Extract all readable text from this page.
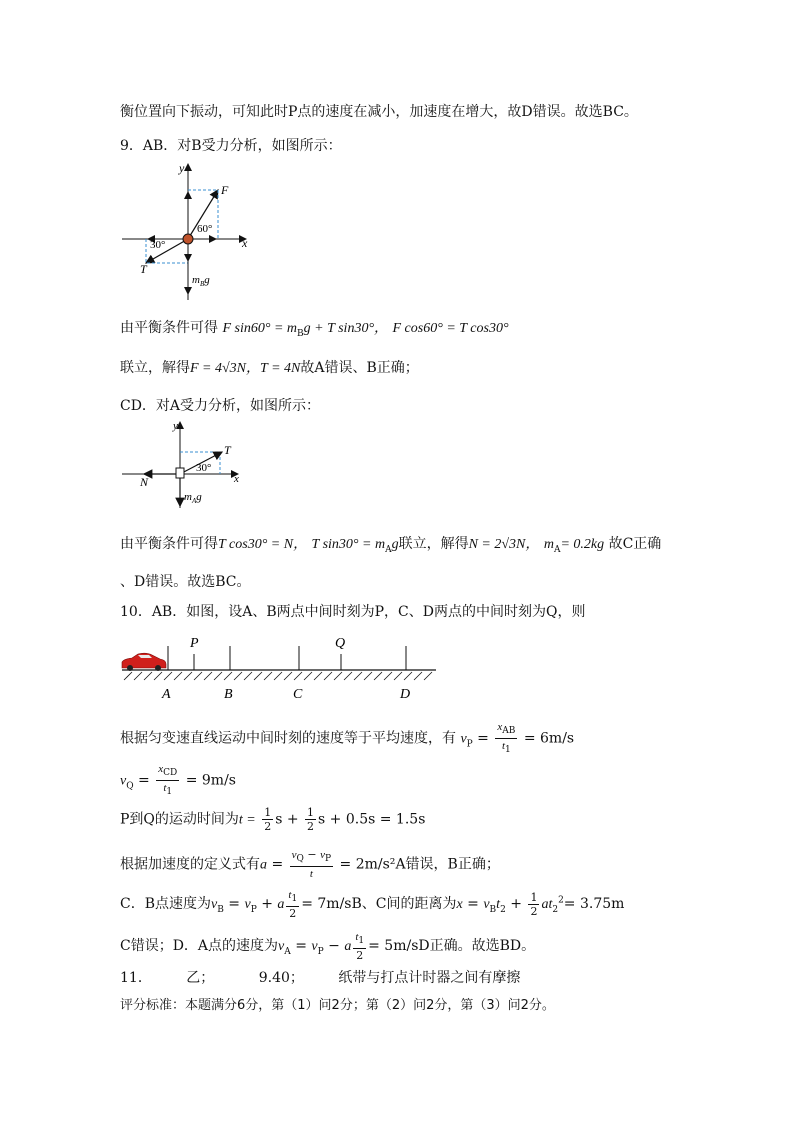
衡位置向下振动，可知此时P点的速度在减小，加速度在增大，故D错误。故选BC。
9．AB．对B受力分析，如图所示：
y
x
F
T
60°
30°
$m_Bg$
由平衡条件可得 F $\sin 60^\circ = m_Bg + T$ sin30°， F cos60° = T cos30°
联立，解得F = 4√3N，T = 4N故A错误、B正确；
CD．对A受力分析，如图所示：
y
x
T
N
30°
$m_Ag$
由平衡条件可得T cos30° = N， T $\sin 30^\circ = m_Ag$联立，解得N = 2√3N， $m_A= 0.2kg$ 故C正确
、D错误。故选BC。
10．AB．如图，设A、B两点中间时刻为P，C、D两点的中间时刻为Q，则
P	Q
A	B	C	D
根据匀变速直线运动中间时刻的速度等于平均速度，有 $v_P = \frac{x_{AB}}{t_1} = 6m/s$
$v_Q = \frac{x_{CD}}{t_1} = 9m/s$
P到Q的运动时间为$t = \frac{1}{2}$ $s + \frac{1}{2}$ s + 0.5s = 1.5s
根据加速度的定义式有$a = \frac{v_Q - v_P}{t} = 2m/s^2A$错误，B正确；
C．B点速度为$v_B = v_P + a \frac{t_1}{2} = 7m/sB$、C间的距离为$x = v_Bt_2 + \frac{1}{2} at_2^2= 3.75m$
C错误；D．A点的速度为$v_A = v_P - a \frac{t_1}{2} = 5m/sD$正确。故选BD。
11． 乙；	9.40； 纸带与打点计时器之间有摩擦
评分标准：本题满分6分，第（1）问2分；第（2）问2分，第（3）问2分。
